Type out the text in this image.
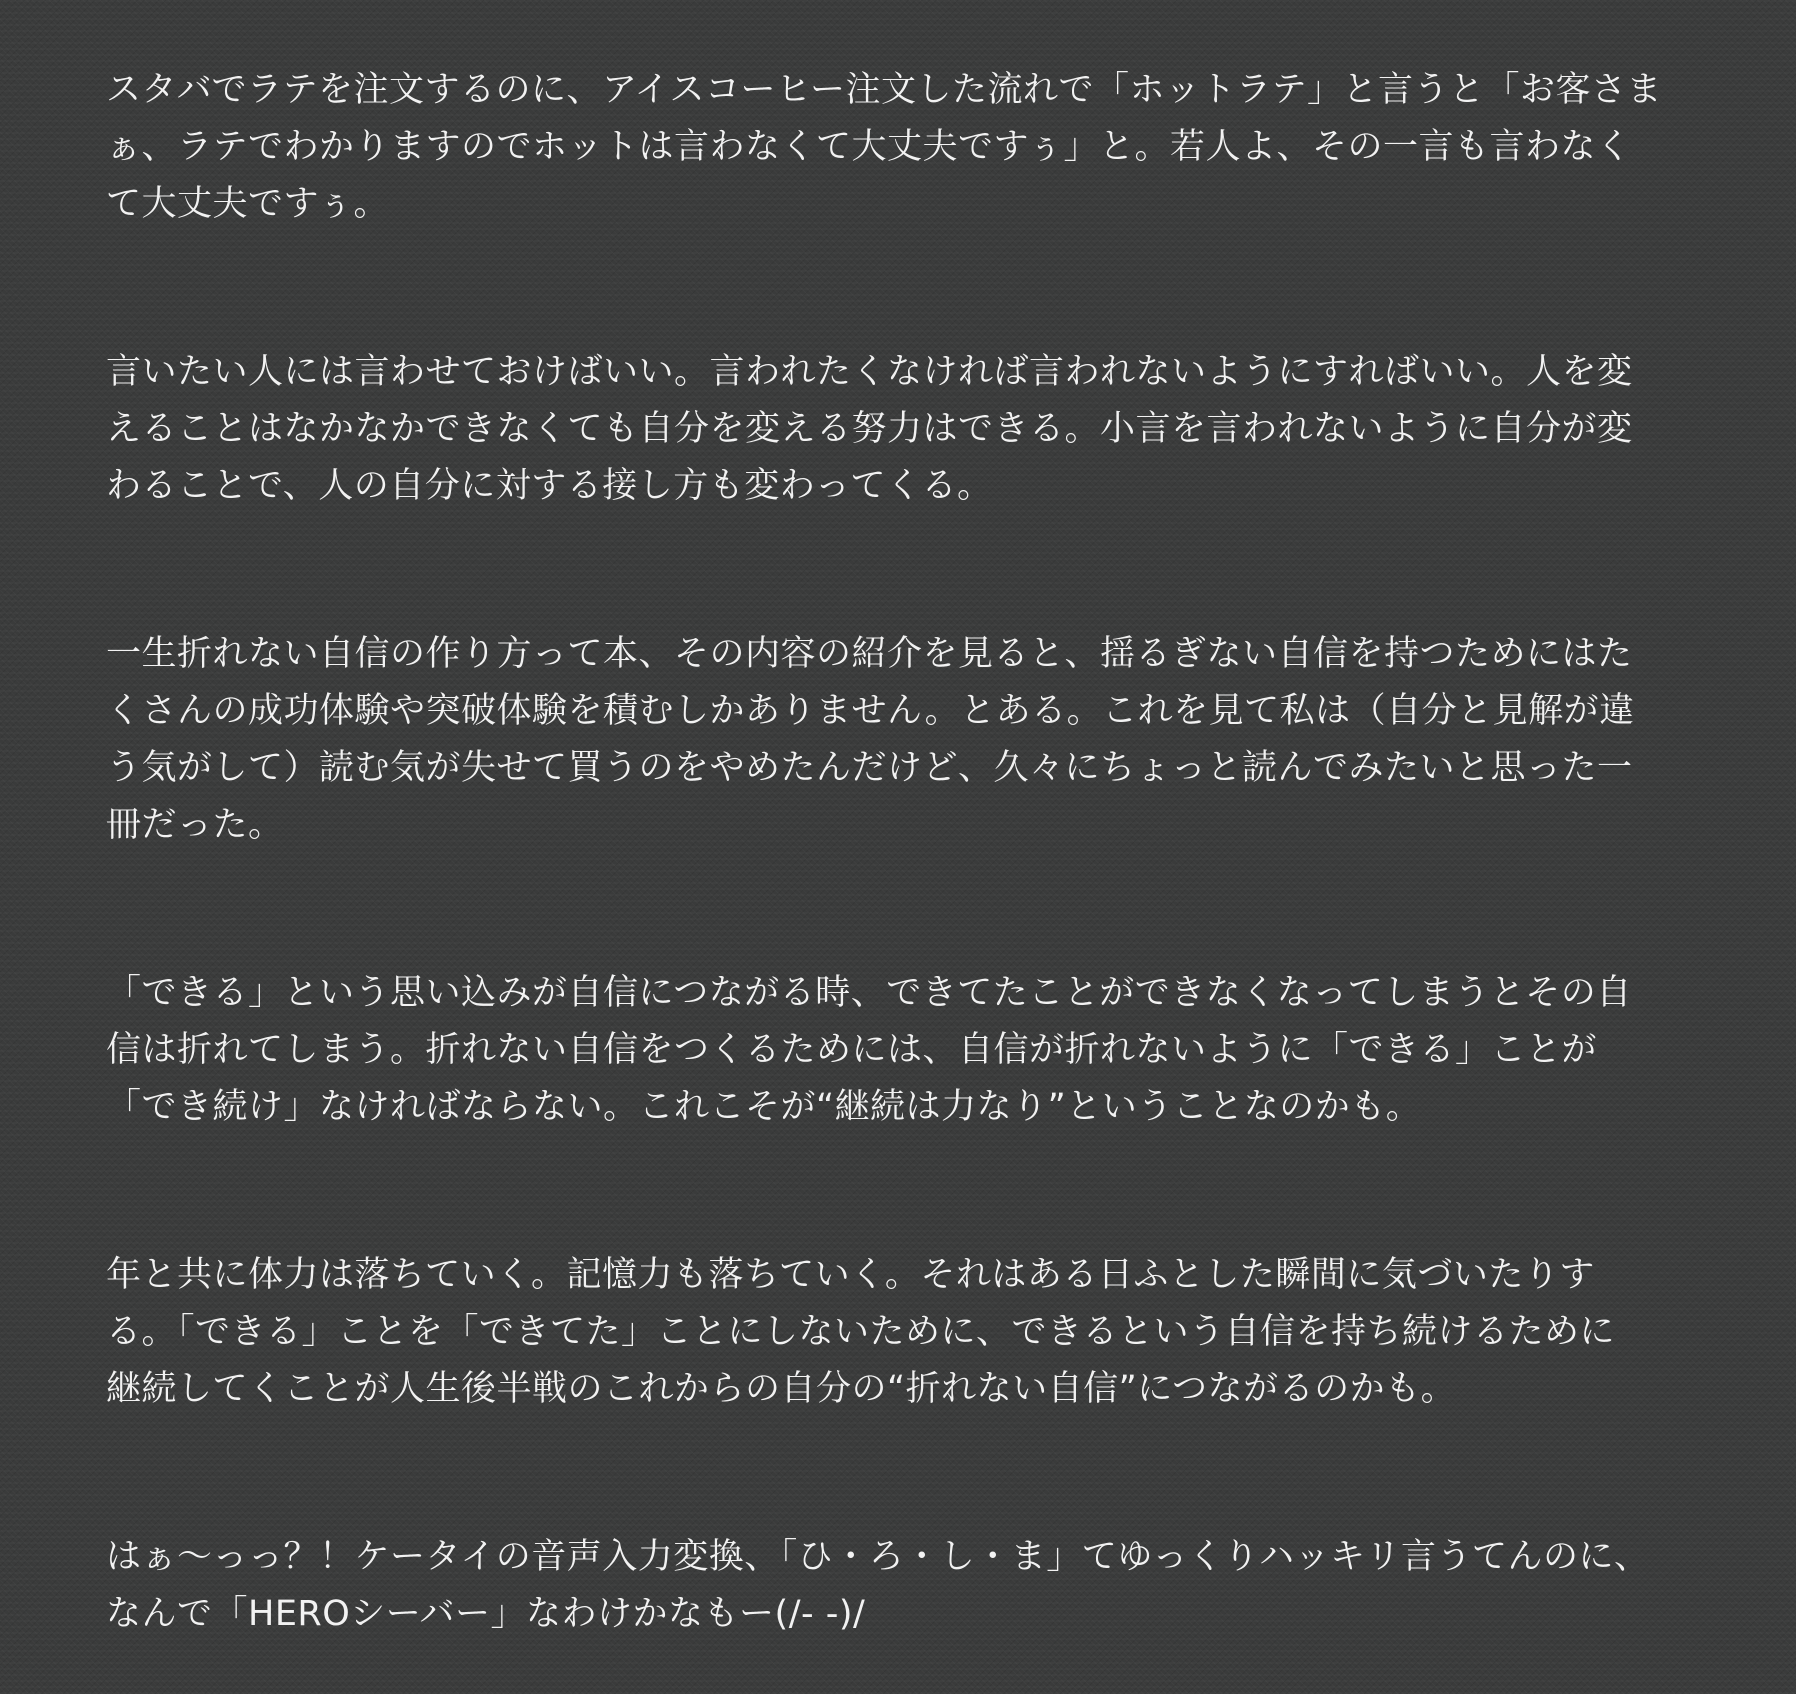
スタバでラテを注文するのに、アイスコーヒー注文した流れで「ホットラテ」と言うと「お客さま
ぁ、ラテでわかりますのでホットは言わなくて大丈夫ですぅ」と。若人よ、その一言も言わなく
て大丈夫ですぅ。

言いたい人には言わせておけばいい。言われたくなければ言われないようにすればいい。人を変
えることはなかなかできなくても自分を変える努力はできる。小言を言われないように自分が変
わることで、人の自分に対する接し方も変わってくる。

一生折れない自信の作り方って本、その内容の紹介を見ると、揺るぎない自信を持つためにはた
くさんの成功体験や突破体験を積むしかありません。とある。これを見て私は（自分と見解が違
う気がして）読む気が失せて買うのをやめたんだけど、久々にちょっと読んでみたいと思った一
冊だった。

「できる」という思い込みが自信につながる時、できてたことができなくなってしまうとその自
信は折れてしまう。折れない自信をつくるためには、自信が折れないように「できる」ことが
「でき続け」なければならない。これこそが“継続は力なり”ということなのかも。

年と共に体力は落ちていく。記憶力も落ちていく。それはある日ふとした瞬間に気づいたりす
る。「できる」ことを「できてた」ことにしないために、できるという自信を持ち続けるために
継続してくことが人生後半戦のこれからの自分の“折れない自信”につながるのかも。

はぁ〜っっ？！ケータイの音声入力変換、「ひ・ろ・し・ま」てゆっくりハッキリ言うてんのに、
なんで「HEROシーバー」なわけかなもー(/- -)/
